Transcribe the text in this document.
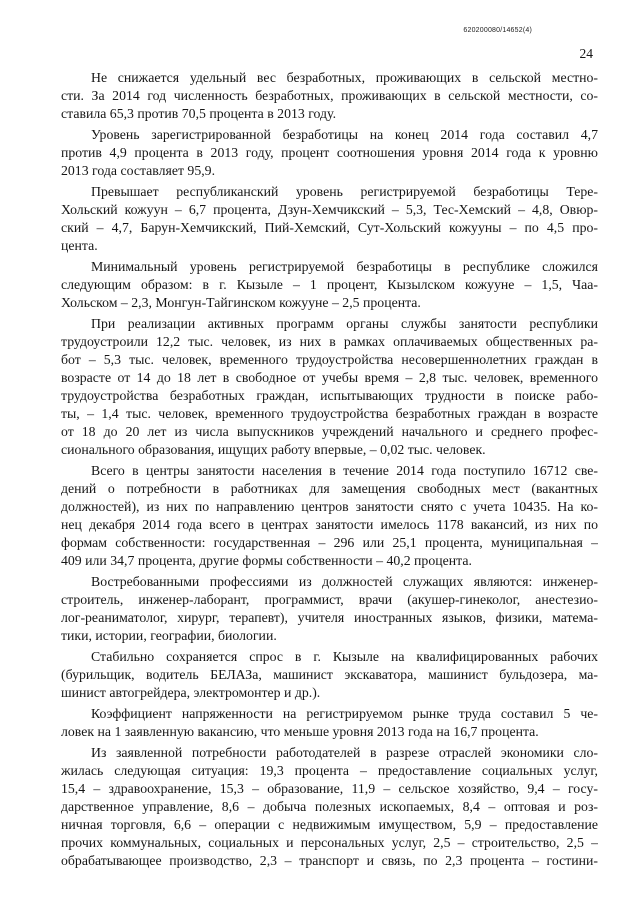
620200080/14652(4)
24
Не снижается удельный вес безработных, проживающих в сельской местно-
сти. За 2014 год численность безработных, проживающих в сельской местности, со-
ставила 65,3 против 70,5 процента в 2013 году.
Уровень зарегистрированной безработицы на конец 2014 года составил 4,7
против 4,9 процента в 2013 году, процент соотношения уровня 2014 года к уровню
2013 года составляет 95,9.
Превышает республиканский уровень регистрируемой безработицы Тере-
Хольский кожуун – 6,7 процента, Дзун-Хемчикский – 5,3, Тес-Хемский – 4,8, Овюр-
ский – 4,7, Барун-Хемчикский, Пий-Хемский, Сут-Хольский кожууны – по 4,5 про-
цента.
Минимальный уровень регистрируемой безработицы в республике сложился
следующим образом: в г. Кызыле – 1 процент, Кызылском кожууне – 1,5, Чаа-
Хольском – 2,3, Монгун-Тайгинском кожууне – 2,5 процента.
При реализации активных программ органы службы занятости республики
трудоустроили 12,2 тыс. человек, из них в рамках оплачиваемых общественных ра-
бот – 5,3 тыс. человек, временного трудоустройства несовершеннолетних граждан в
возрасте от 14 до 18 лет в свободное от учебы время – 2,8 тыс. человек, временного
трудоустройства безработных граждан, испытывающих трудности в поиске рабо-
ты, – 1,4 тыс. человек, временного трудоустройства безработных граждан в возрасте
от 18 до 20 лет из числа выпускников учреждений начального и среднего профес-
сионального образования, ищущих работу впервые, – 0,02 тыс. человек.
Всего в центры занятости населения в течение 2014 года поступило 16712 све-
дений о потребности в работниках для замещения свободных мест (вакантных
должностей), из них по направлению центров занятости снято с учета 10435. На ко-
нец декабря 2014 года всего в центрах занятости имелось 1178 вакансий, из них по
формам собственности: государственная – 296 или 25,1 процента, муниципальная –
409 или 34,7 процента, другие формы собственности – 40,2 процента.
Востребованными профессиями из должностей служащих являются: инженер-
строитель, инженер-лаборант, программист, врачи (акушер-гинеколог, анестезио-
лог-реаниматолог, хирург, терапевт), учителя иностранных языков, физики, матема-
тики, истории, географии, биологии.
Стабильно сохраняется спрос в г. Кызыле на квалифицированных рабочих
(бурильщик, водитель БЕЛАЗа, машинист экскаватора, машинист бульдозера, ма-
шинист автогрейдера, электромонтер и др.).
Коэффициент напряженности на регистрируемом рынке труда составил 5 че-
ловек на 1 заявленную вакансию, что меньше уровня 2013 года на 16,7 процента.
Из заявленной потребности работодателей в разрезе отраслей экономики сло-
жилась следующая ситуация: 19,3 процента – предоставление социальных услуг,
15,4 – здравоохранение, 15,3 – образование, 11,9 – сельское хозяйство, 9,4 – госу-
дарственное управление, 8,6 – добыча полезных ископаемых, 8,4 – оптовая и роз-
ничная торговля, 6,6 – операции с недвижимым имуществом, 5,9 – предоставление
прочих коммунальных, социальных и персональных услуг, 2,5 – строительство, 2,5 –
обрабатывающее производство, 2,3 – транспорт и связь, по 2,3 процента – гостини-
